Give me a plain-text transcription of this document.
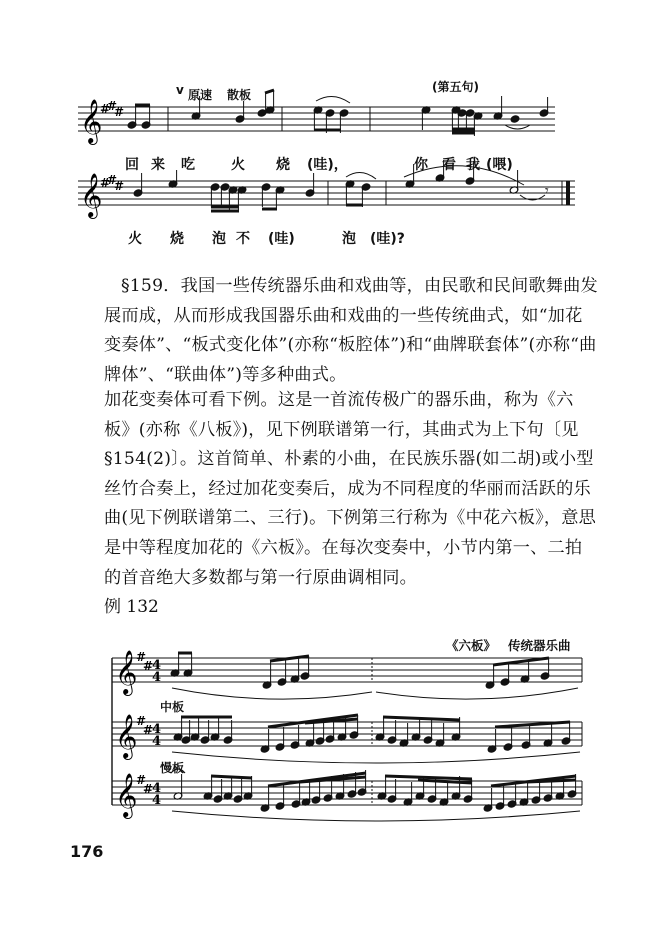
𝄞
#
#
#
𝄞
#
#
#	𝄾
v 原速 散板
(第五句)
回 来 吃	火 烧 (哇)，	你 看 我 (喂)
火 烧 泡 不 (哇)	泡 (哇)?

§159．我国一些传统器乐曲和戏曲等，由民歌和民间歌舞曲发展而成，从而形成我国器乐曲和戏曲的一些传统曲式，如“加花变奏体”、“板式变化体”(亦称“板腔体”)和“曲牌联套体”(亦称“曲牌体”、“联曲体”)等多种曲式。

加花变奏体可看下例。这是一首流传极广的器乐曲，称为《六板》(亦称《八板》)，见下例联谱第一行，其曲式为上下句〔见§154(2)〕。这首简单、朴素的小曲，在民族乐器(如二胡)或小型丝竹合奏上，经过加花变奏后，成为不同程度的华丽而活跃的乐曲(见下例联谱第二、三行)。下例第三行称为《中花六板》，意思是中等程度加花的《六板》。在每次变奏中，小节内第一、二拍的首音绝大多数都与第一行原曲调相同。

例 132
《六板》 传统器乐曲
中板
慢板
𝄞
#
#
4
4
𝄞
#
#
4
4
𝄞
#
#
4
4
176
